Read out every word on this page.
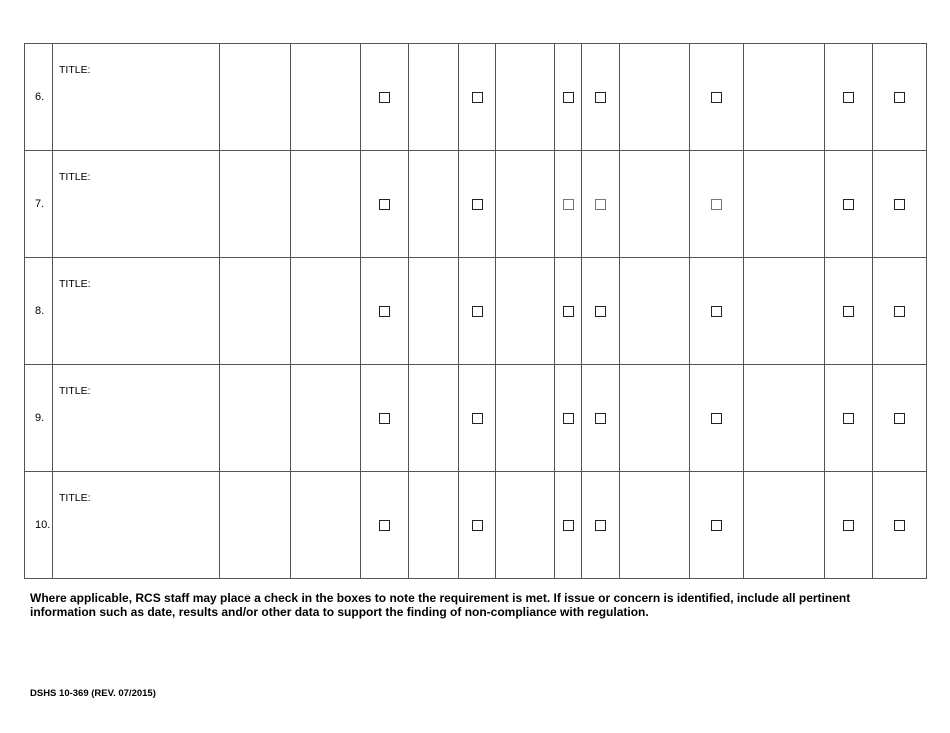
6.	TITLE:													

7.	TITLE:													

8.	TITLE:													

9.	TITLE:													

10.	TITLE:													

Where applicable, RCS staff may place a check in the boxes to note the requirement is met. If issue or concern is identified, include all pertinent information such as date, results and/or other data to support the finding of non-compliance with regulation.

DSHS 10-369 (REV. 07/2015)
